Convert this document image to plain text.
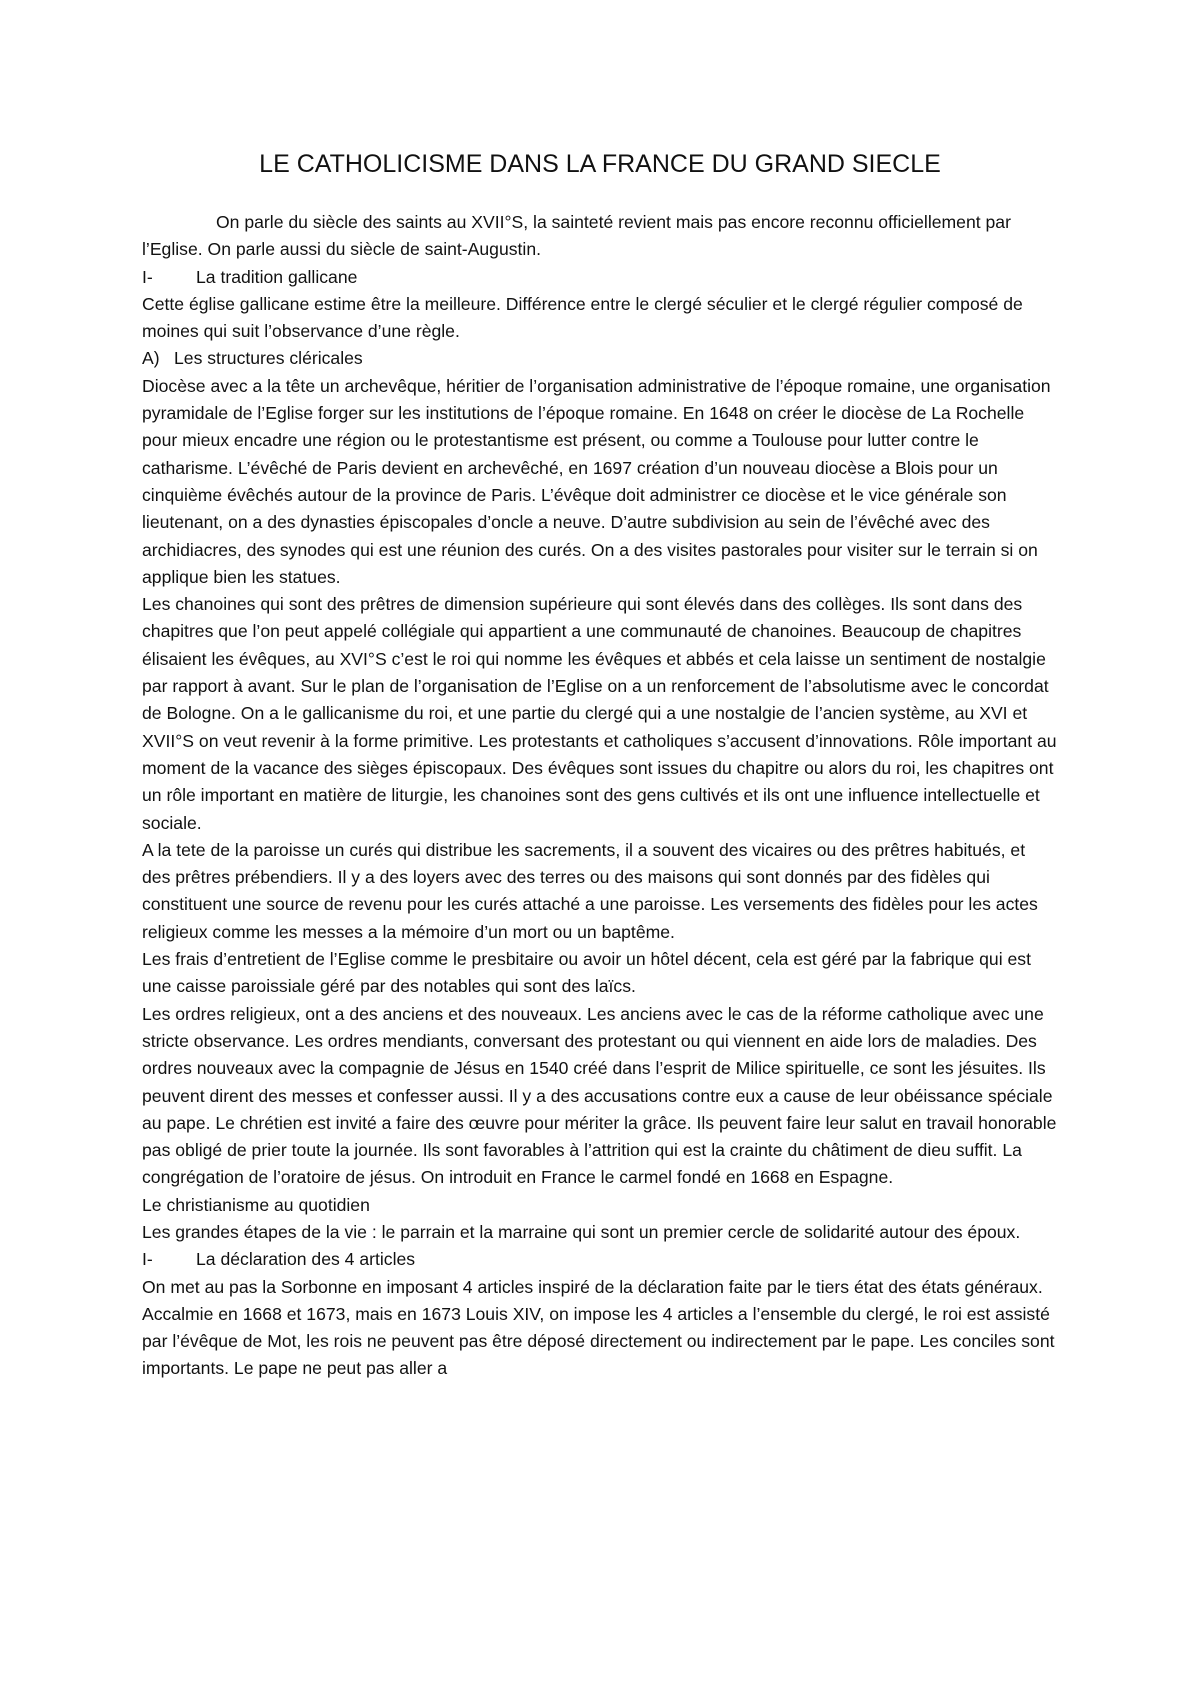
LE CATHOLICISME DANS LA FRANCE DU GRAND SIECLE

On parle du siècle des saints au XVII°S, la sainteté revient mais pas encore reconnu officiellement par l’Eglise. On parle aussi du siècle de saint-Augustin.

I-	La tradition gallicane

Cette église gallicane estime être la meilleure. Différence entre le clergé séculier et le clergé régulier composé de moines qui suit l’observance d’une règle.

A) Les structures cléricales

Diocèse avec a la tête un archevêque, héritier de l’organisation administrative de l’époque romaine, une organisation pyramidale de l’Eglise forger sur les institutions de l’époque romaine. En 1648 on créer le diocèse de La Rochelle pour mieux encadre une région ou le protestantisme est présent, ou comme a Toulouse pour lutter contre le catharisme. L’évêché de Paris devient en archevêché, en 1697 création d’un nouveau diocèse a Blois pour un cinquième évêchés autour de la province de Paris. L’évêque doit administrer ce diocèse et le vice générale son lieutenant, on a des dynasties épiscopales d’oncle a neuve. D’autre subdivision au sein de l’évêché avec des archidiacres, des synodes qui est une réunion des curés. On a des visites pastorales pour visiter sur le terrain si on applique bien les statues.

Les chanoines qui sont des prêtres de dimension supérieure qui sont élevés dans des collèges. Ils sont dans des chapitres que l’on peut appelé collégiale qui appartient a une communauté de chanoines. Beaucoup de chapitres élisaient les évêques, au XVI°S c’est le roi qui nomme les évêques et abbés et cela laisse un sentiment de nostalgie par rapport à avant. Sur le plan de l’organisation de l’Eglise on a un renforcement de l’absolutisme avec le concordat de Bologne. On a le gallicanisme du roi, et une partie du clergé qui a une nostalgie de l’ancien système, au XVI et XVII°S on veut revenir à la forme primitive. Les protestants et catholiques s’accusent d’innovations. Rôle important au moment de la vacance des sièges épiscopaux. Des évêques sont issues du chapitre ou alors du roi, les chapitres ont un rôle important en matière de liturgie, les chanoines sont des gens cultivés et ils ont une influence intellectuelle et sociale.

A la tete de la paroisse un curés qui distribue les sacrements, il a souvent des vicaires ou des prêtres habitués, et des prêtres prébendiers. Il y a des loyers avec des terres ou des maisons qui sont donnés par des fidèles qui constituent une source de revenu pour les curés attaché a une paroisse. Les versements des fidèles pour les actes religieux comme les messes a la mémoire d’un mort ou un baptême.

Les frais d’entretient de l’Eglise comme le presbitaire ou avoir un hôtel décent, cela est géré par la fabrique qui est une caisse paroissiale géré par des notables qui sont des laïcs.

Les ordres religieux, ont a des anciens et des nouveaux. Les anciens avec le cas de la réforme catholique avec une stricte observance. Les ordres mendiants, conversant des protestant ou qui viennent en aide lors de maladies. Des ordres nouveaux avec la compagnie de Jésus en 1540 créé dans l’esprit de Milice spirituelle, ce sont les jésuites. Ils peuvent dirent des messes et confesser aussi. Il y a des accusations contre eux a cause de leur obéissance spéciale au pape. Le chrétien est invité a faire des œuvre pour mériter la grâce. Ils peuvent faire leur salut en travail honorable pas obligé de prier toute la journée. Ils sont favorables à l’attrition qui est la crainte du châtiment de dieu suffit. La congrégation de l’oratoire de jésus. On introduit en France le carmel fondé en 1668 en Espagne.

Le christianisme au quotidien

Les grandes étapes de la vie : le parrain et la marraine qui sont un premier cercle de solidarité autour des époux.

I-	La déclaration des 4 articles

On met au pas la Sorbonne en imposant 4 articles inspiré de la déclaration faite par le tiers état des états généraux. Accalmie en 1668 et 1673, mais en 1673 Louis XIV, on impose les 4 articles a l’ensemble du clergé, le roi est assisté par l’évêque de Mot, les rois ne peuvent pas être déposé directement ou indirectement par le pape. Les conciles sont importants. Le pape ne peut pas aller a
